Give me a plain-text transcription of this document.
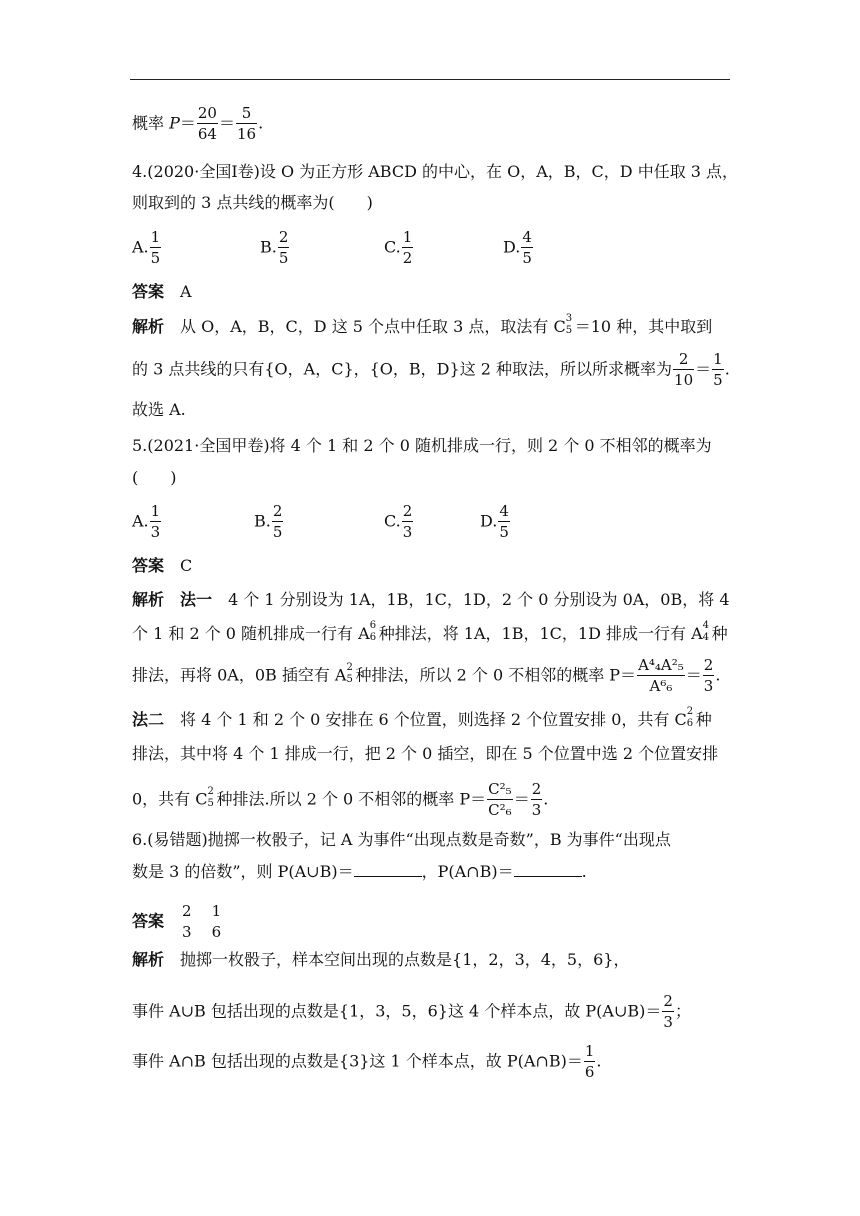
概率 $P= \frac{20}{64} = \frac{5}{16}$ .
4.(2020·全国Ⅰ卷)设 O 为正方形 ABCD 的中心，在 O，A，B，C，D 中任取 3 点，
则取到的 3 点共线的概率为(　　)
A. $\frac{1}{5}$	B. $\frac{2}{5}$	C. $\frac{1}{2}$	D. $\frac{4}{5}$
答案　 A
解析　 从 O，A，B，C，D 这 5 个点中任取 3 点，取法有 C 3
5 ＝10 种，其中取到
的 3 点共线的只有{O，A，C}，{O，B，D}这 2 种取法，所以所求概率为 $\frac{2}{10} = \frac{1}{5}$ .
故选 A.
5.(2021·全国甲卷)将 4 个 1 和 2 个 0 随机排成一行，则 2 个 0 不相邻的概率为
(　　)
A. $\frac{1}{3}$	B. $\frac{2}{5}$	C. $\frac{2}{3}$	D. $\frac{4}{5}$
答案　 C
解析　 法一　 4 个 1 分别设为 1A，1B，1C，1D，2 个 0 分别设为 0A，0B，将 4
个 1 和 2 个 0 随机排成一行有 A 6
6 种排法，将 1A，1B，1C，1D 排成一行有 A 4
4 种
排法，再将 0A，0B 插空有 A 2
5 种排法，所以 2 个 0 不相邻的概率 $P= \frac{\text{A⁴₄A²₅}}{\text{A⁶₆}} = \frac{2}{3}$ .
法二　 将 4 个 1 和 2 个 0 安排在 6 个位置，则选择 2 个位置安排 0，共有 C 2
6 种
排法，其中将 4 个 1 排成一行，把 2 个 0 插空，即在 5 个位置中选 2 个位置安排
0，共有 C 2
5 种排法.所以 2 个 0 不相邻的概率 $P= \frac{\text{C²₅}}{\text{C²₆}} = \frac{2}{3}$ .
6.(易错题)抛掷一枚骰子，记 A 为事件“出现点数是奇数”，B 为事件“出现点
数是 3 的倍数”，则 P(A∪B)＝	，P(A∩B)＝	.
答案　
2
3

1
6
解析　 抛掷一枚骰子，样本空间出现的点数是{1，2，3，4，5，6}，
事件 A∪B 包括出现的点数是{1，3，5，6}这 4 个样本点，故 P(A∪B)＝ $\frac{2}{3}$ ；
事件 A∩B 包括出现的点数是{3}这 1 个样本点，故 P(A∩B)＝ $\frac{1}{6}$ .
